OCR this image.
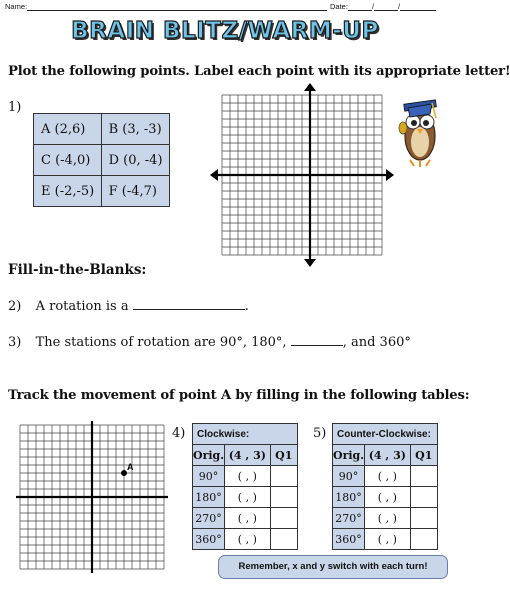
Name:	Date:	/	/
BRAIN BLITZ/WARM-UP
Plot the following points. Label each point with its appropriate letter!
1)
A (2,6)	B (3, -3)
C (-4,0)	D (0, -4)
E (-2,-5)	F (-4,7)
Fill-in-the-Blanks:
2) A rotation is a	.
3) The stations of rotation are 90°, 180°,	, and 360°
Track the movement of point A by filling in the following tables:
A
4)	5)
Clockwise:		
Orig.	(4 , 3)	Q1
90°	( , )	
180°	( , )	
270°	( , )	
360°	( , )	
Counter-Clockwise:		
Orig.	(4 , 3)	Q1
90°	( , )	
180°	( , )	
270°	( , )	
360°	( , )	
Remember, x and y switch with each turn!
